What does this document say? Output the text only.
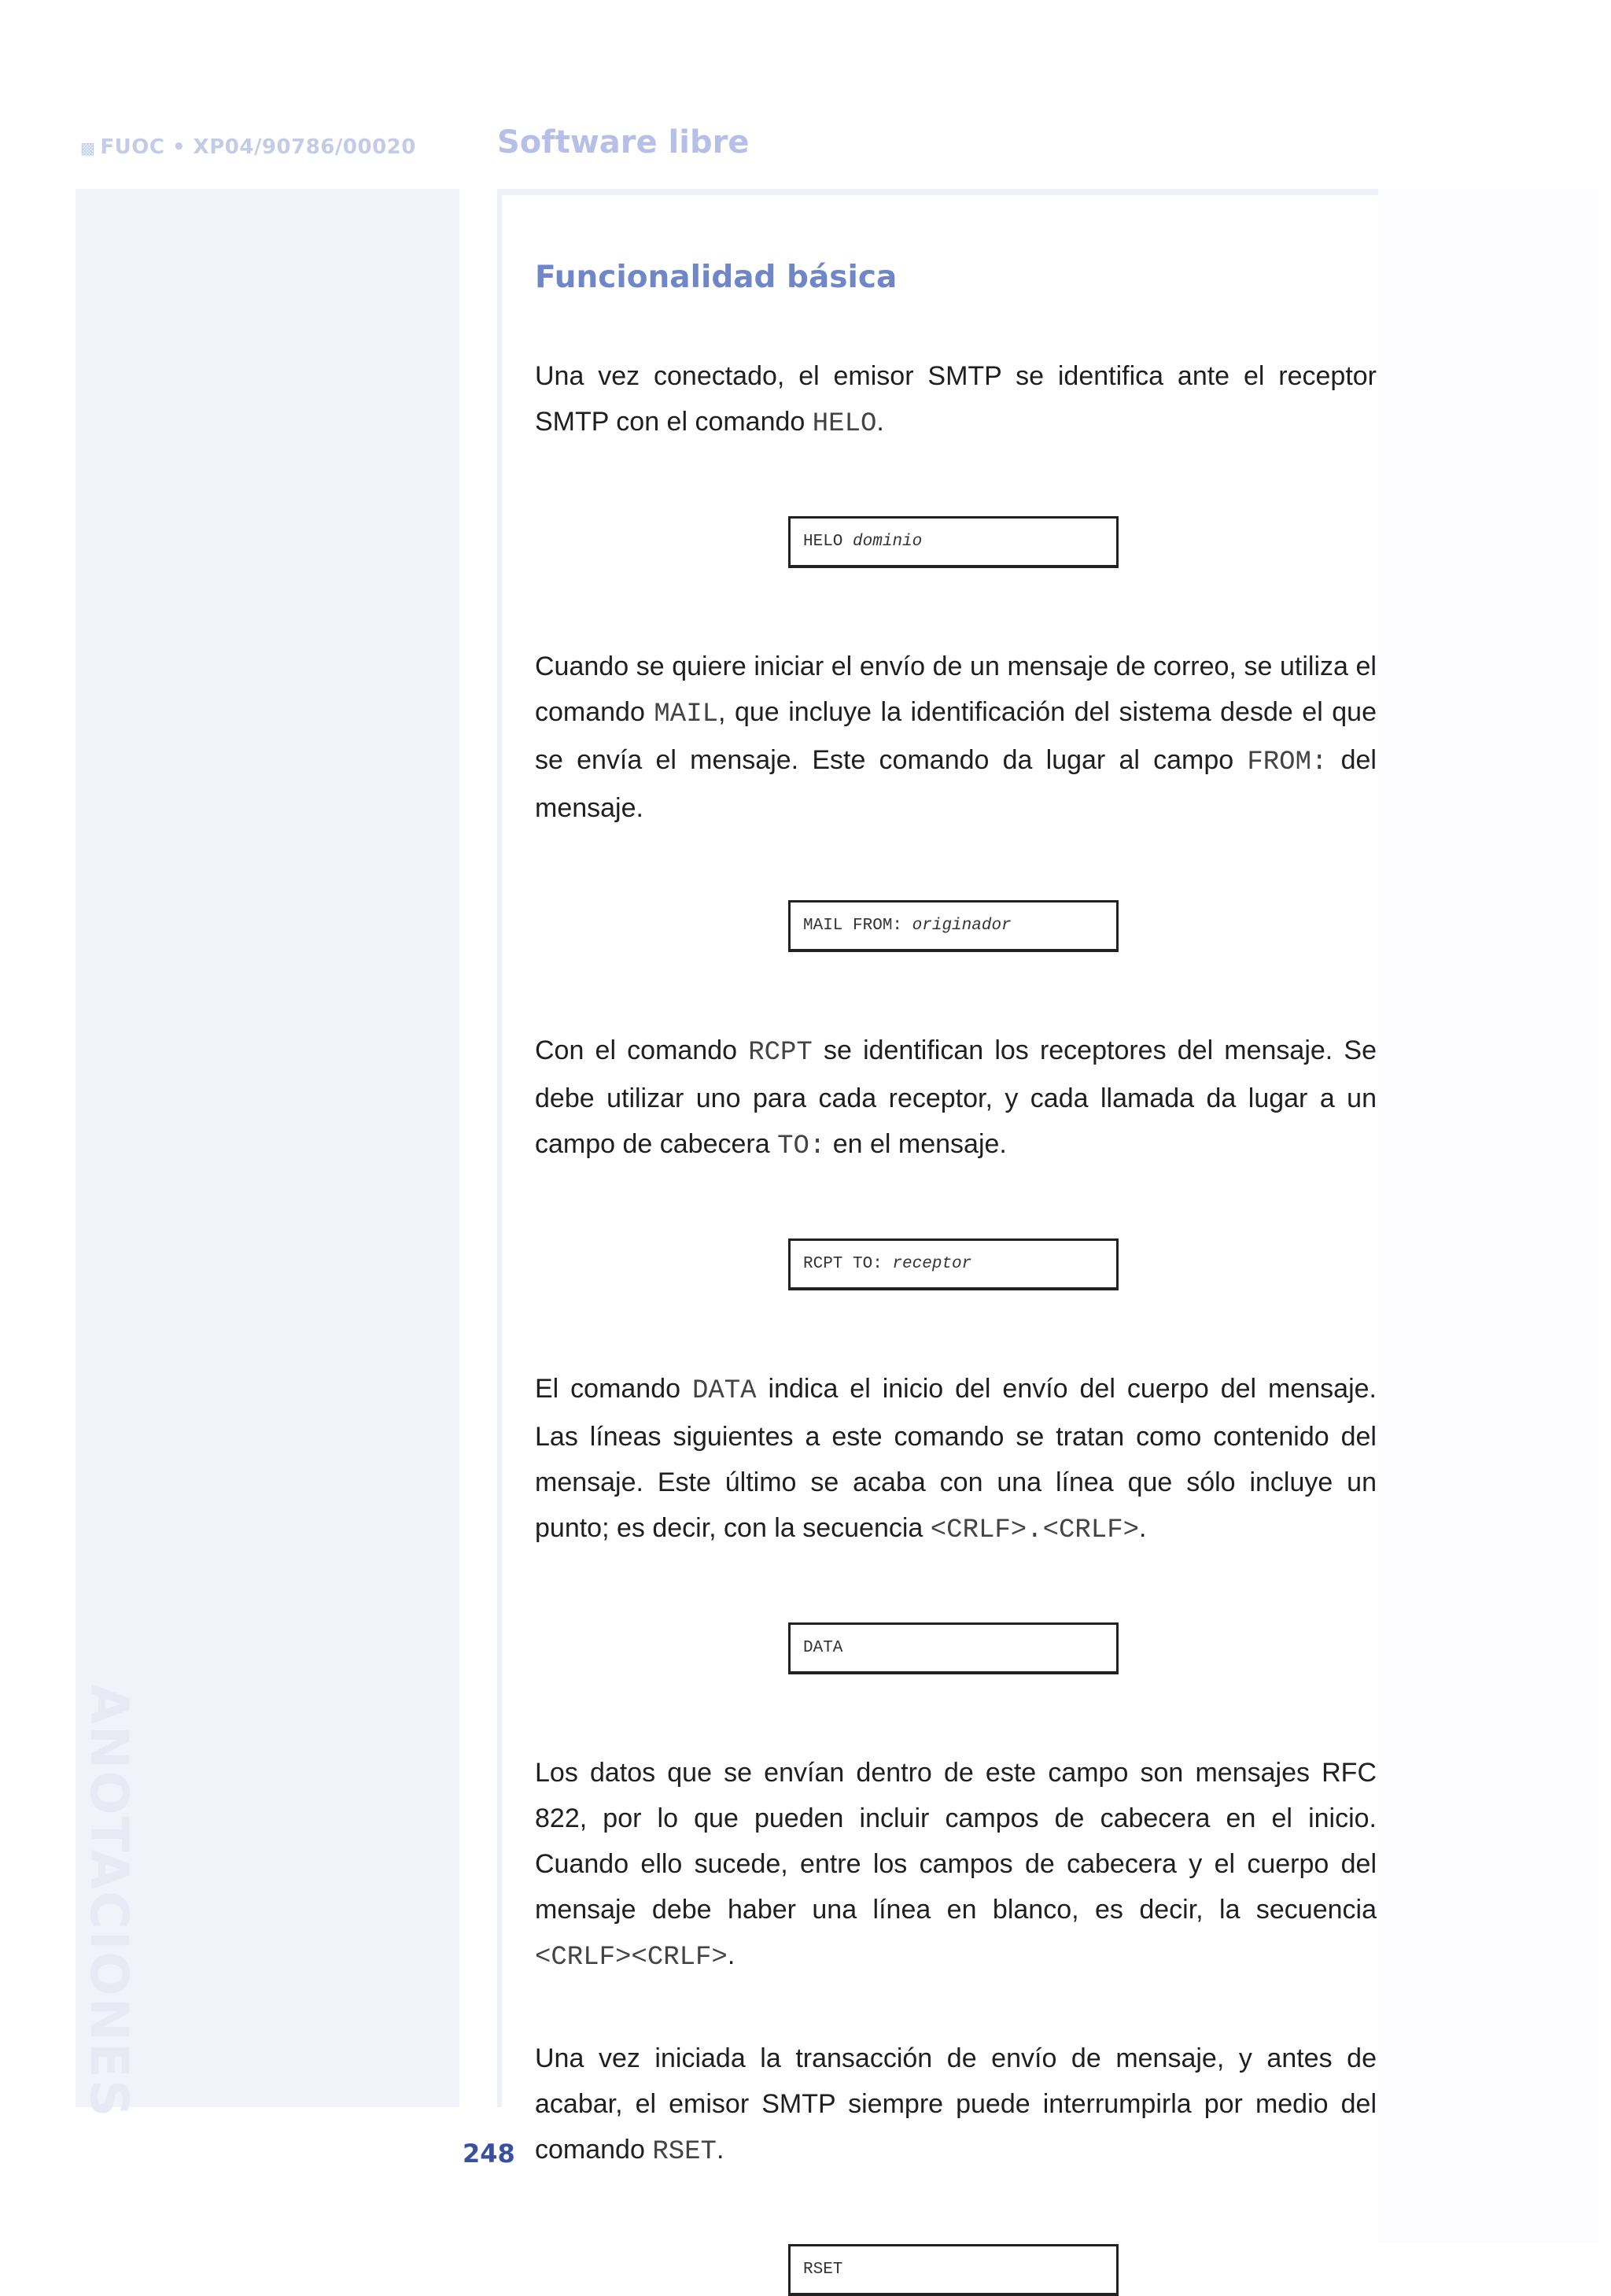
▩ FUOC • XP04/90786/00020	Software libre
ANOTACIONES
Funcionalidad básica

Una vez conectado, el emisor SMTP se identifica ante el receptor SMTP con el comando HELO.

HELO
dominio

Cuando se quiere iniciar el envío de un mensaje de correo, se utiliza el comando MAIL, que incluye la identificación del sistema desde el que se envía el mensaje. Este comando da lugar al campo FROM: del mensaje.

MAIL FROM:
originador

Con el comando RCPT se identifican los receptores del mensaje. Se debe utilizar uno para cada receptor, y cada llamada da lugar a un campo de cabecera TO: en el mensaje.

RCPT TO:
receptor

El comando DATA indica el inicio del envío del cuerpo del mensaje. Las líneas siguientes a este comando se tratan como contenido del mensaje. Este último se acaba con una línea que sólo incluye un punto; es decir, con la secuencia <CRLF>.<CRLF>.

DATA

Los datos que se envían dentro de este campo son mensajes RFC 822, por lo que pueden incluir campos de cabecera en el inicio. Cuando ello sucede, entre los campos de cabecera y el cuerpo del mensaje debe haber una línea en blanco, es decir, la secuencia <CRLF><CRLF>.

Una vez iniciada la transacción de envío de mensaje, y antes de acabar, el emisor SMTP siempre puede interrumpirla por medio del comando RSET.

RSET
248
